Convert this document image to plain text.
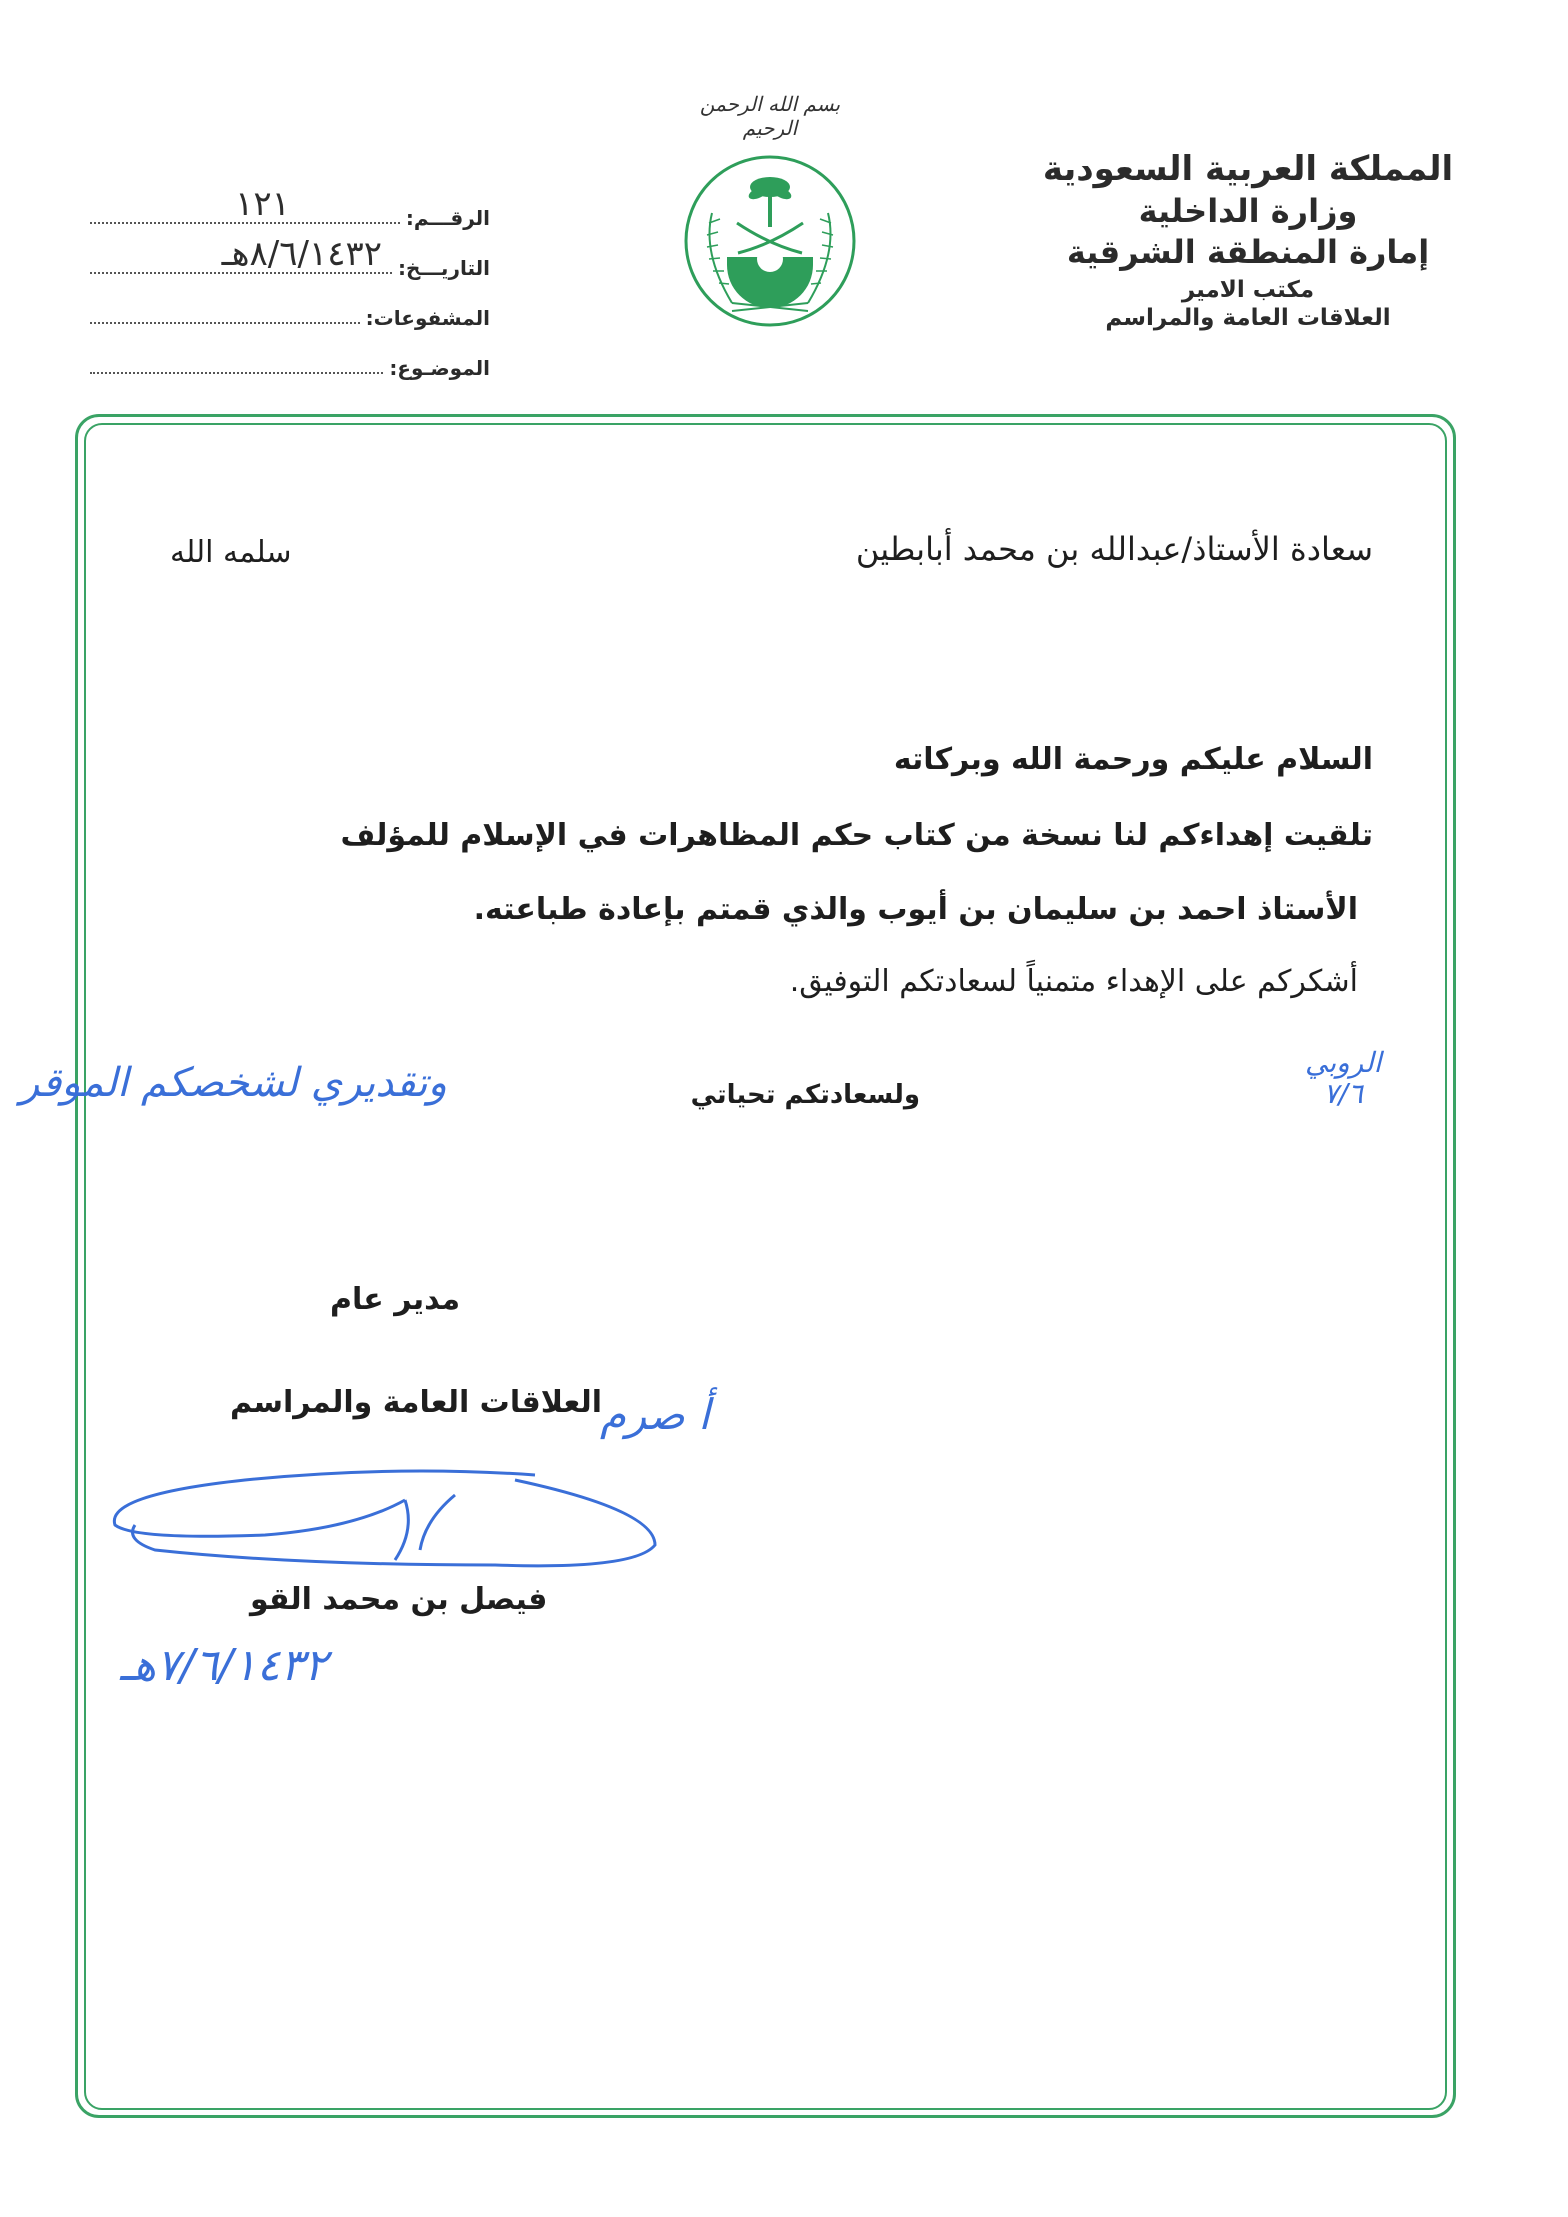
بسم الله الرحمن الرحيم
المملكة العربية السعودية
وزارة الداخلية
إمارة المنطقة الشرقية
مكتب الامير
العلاقات العامة والمراسم
الرقـــم:
١٢١
التاريـــخ:
٨/٦/١٤٣٢هـ
المشفوعات:
الموضـوع:
سعادة الأستاذ/عبدالله بن محمد أبابطين
سلمه الله
السلام عليكم ورحمة الله وبركاته
تلقيت إهداءكم لنا نسخة من كتاب حكم المظاهرات في الإسلام للمؤلف
الأستاذ احمد بن سليمان بن أيوب والذي قمتم بإعادة طباعته.
أشكركم على الإهداء متمنياً لسعادتكم التوفيق.
ولسعادتكم تحياتي
وتقديري لشخصكم الموقر	الروبي
٧/٦
مدير عام
العلاقات العامة والمراسم
أ صرم
فيصل بن محمد القو
٧/٦/١٤٣٢هـ
